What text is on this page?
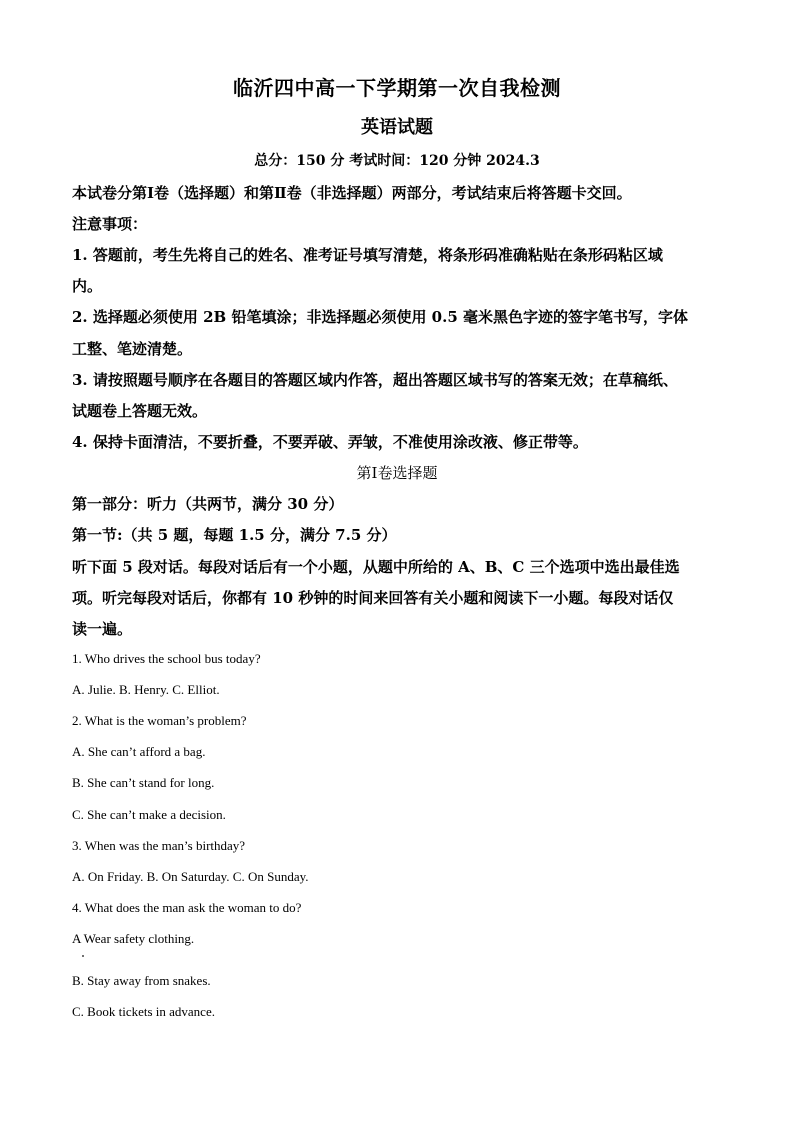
临沂四中高一下学期第一次自我检测
英语试题
总分：150 分 考试时间：120 分钟 2024.3
本试卷分第Ⅰ卷（选择题）和第Ⅱ卷（非选择题）两部分，考试结束后将答题卡交回。
注意事项：
1. 答题前，考生先将自己的姓名、准考证号填写清楚，将条形码准确粘贴在条形码粘区域
内。
2. 选择题必须使用 2B 铅笔填涂；非选择题必须使用 0.5 毫米黑色字迹的签字笔书写，字体
工整、笔迹清楚。
3. 请按照题号顺序在各题目的答题区域内作答，超出答题区域书写的答案无效；在草稿纸、
试题卷上答题无效。
4. 保持卡面清洁，不要折叠，不要弄破、弄皱，不准使用涂改液、修正带等。
第Ⅰ卷选择题
第一部分：听力（共两节，满分 30 分）
第一节:（共 5 题，每题 1.5 分，满分 7.5 分）
听下面 5 段对话。每段对话后有一个小题，从题中所给的 A、B、C 三个选项中选出最佳选
项。听完每段对话后，你都有 10 秒钟的时间来回答有关小题和阅读下一小题。每段对话仅
读一遍。
1. Who drives the school bus today?
A. Julie. B. Henry. C. Elliot.
2. What is the woman’s problem?
A. She can’t afford a bag.
B. She can’t stand for long.
C. She can’t make a decision.
3. When was the man’s birthday?
A. On Friday. B. On Saturday. C. On Sunday.
4. What does the man ask the woman to do?
A Wear safety clothing.
B. Stay away from snakes.
C. Book tickets in advance.
